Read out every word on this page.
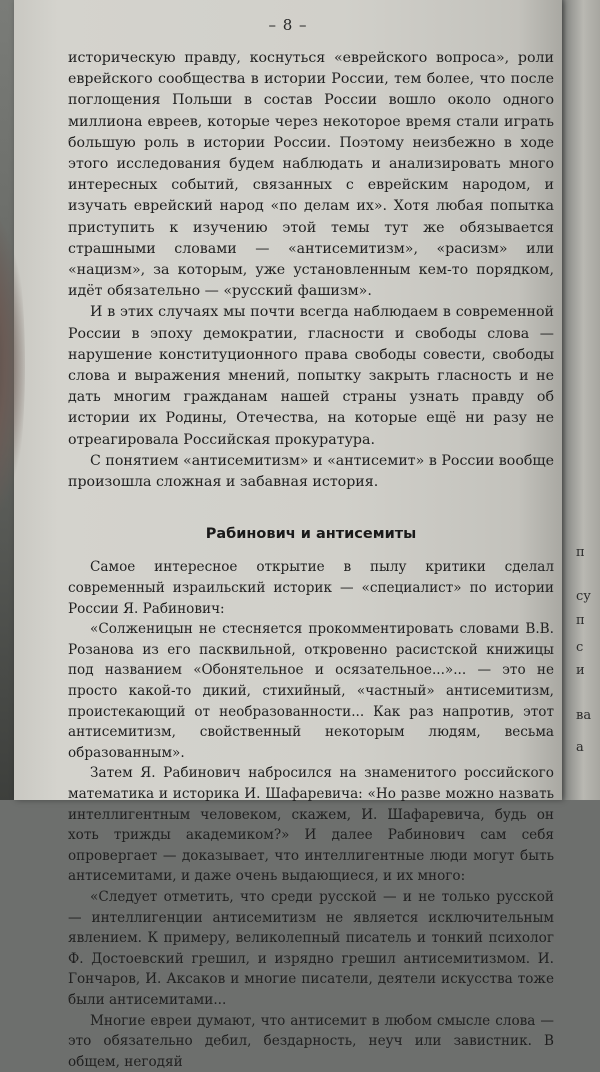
п
су
п
с
и
ва
а
– 8 –

историческую правду, коснуться «еврейского вопроса», роли еврейского сообщества в истории России, тем более, что после поглощения Польши в состав России вошло около одного миллиона евреев, которые через некоторое время стали играть большую роль в истории России. Поэтому неизбежно в ходе этого исследования будем наблюдать и анализировать много интересных событий, связанных с еврейским народом, и изучать еврейский народ «по делам их». Хотя любая попытка приступить к изучению этой темы тут же обязывается страшными словами — «антисемитизм», «расизм» или «нацизм», за которым, уже установленным кем-то порядком, идёт обязательно — «русский фашизм».

И в этих случаях мы почти всегда наблюдаем в современной России в эпоху демократии, гласности и свободы слова — нарушение конституционного права свободы совести, свободы слова и выражения мнений, попытку закрыть гласность и не дать многим гражданам нашей страны узнать правду об истории их Родины, Отечества, на которые ещё ни разу не отреагировала Российская прокуратура.

С понятием «антисемитизм» и «антисемит» в России вообще произошла сложная и забавная история.

Рабинович и антисемиты

Самое интересное открытие в пылу критики сделал современный израильский историк — «специалист» по истории России Я. Рабинович:

«Солженицын не стесняется прокомментировать словами В.В. Розанова из его пасквильной, откровенно расистской книжицы под названием «Обонятельное и осязательное...»... — это не просто какой-то дикий, стихийный, «частный» антисемитизм, проистекающий от необразованности... Как раз напротив, этот антисемитизм, свойственный некоторым людям, весьма образованным».

Затем Я. Рабинович набросился на знаменитого российского математика и историка И. Шафаревича: «Но разве можно назвать интеллигентным человеком, скажем, И. Шафаревича, будь он хоть трижды академиком?» И далее Рабинович сам себя опровергает — доказывает, что интеллигентные люди могут быть антисемитами, и даже очень выдающиеся, и их много:

«Следует отметить, что среди русской — и не только русской — интеллигенции антисемитизм не является исключительным явлением. К примеру, великолепный писатель и тонкий психолог Ф. Достоевский грешил, и изрядно грешил антисемитизмом. И. Гончаров, И. Аксаков и многие писатели, деятели искусства тоже были антисемитами...

Многие евреи думают, что антисемит в любом смысле слова — это обязательно дебил, бездарность, неуч или завистник. В общем, негодяй
